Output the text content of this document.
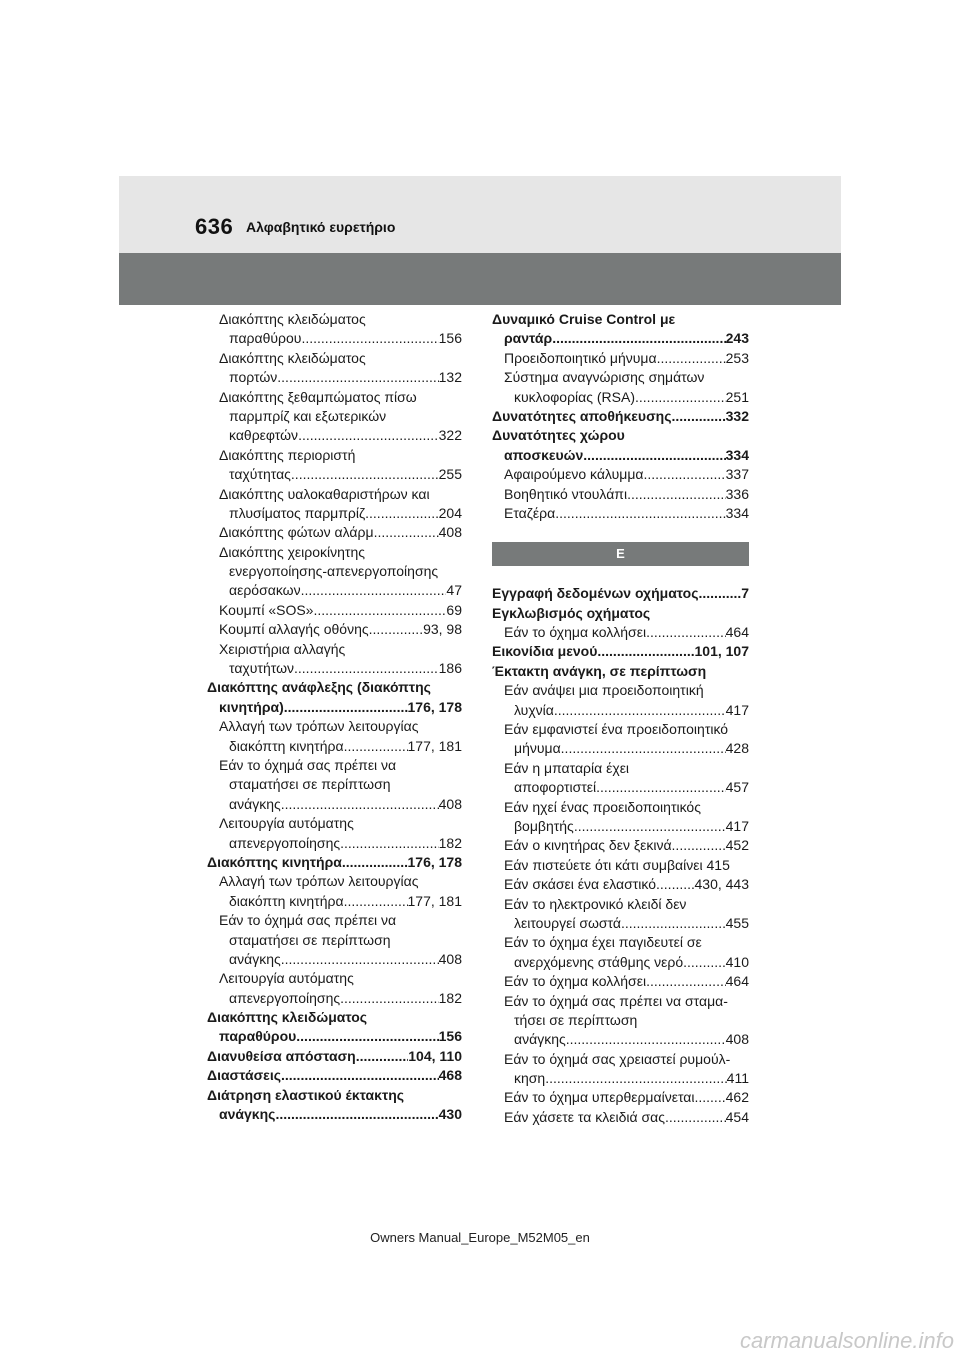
636 Αλφαβητικό ευρετήριο
Διακόπτης κλειδώματος
παραθύρου .....	156
Διακόπτης κλειδώματος
πορτών .....	132
Διακόπτης ξεθαμπώματος πίσω
παρμπρίζ και εξωτερικών
καθρεφτών .....	322
Διακόπτης περιοριστή
ταχύτητας .....	255
Διακόπτης υαλοκαθαριστήρων και
πλυσίματος παρμπρίζ .....	204
Διακόπτης φώτων αλάρμ .....	408
Διακόπτης χειροκίνητης
ενεργοποίησης-απενεργοποίησης
αερόσακων .....	47
Κουμπί «SOS» .....	69
Κουμπί αλλαγής οθόνης .....	93, 98
Χειριστήρια αλλαγής
ταχυτήτων .....	186
Διακόπτης ανάφλεξης (διακόπτης
κινητήρα) .....	176, 178
Αλλαγή των τρόπων λειτουργίας
διακόπτη κινητήρα .....	177, 181
Εάν το όχημά σας πρέπει να
σταματήσει σε περίπτωση
ανάγκης .....	408
Λειτουργία αυτόματης
απενεργοποίησης .....	182
Διακόπτης κινητήρα .....	176, 178
Αλλαγή των τρόπων λειτουργίας
διακόπτη κινητήρα .....	177, 181
Εάν το όχημά σας πρέπει να
σταματήσει σε περίπτωση
ανάγκης .....	408
Λειτουργία αυτόματης
απενεργοποίησης .....	182
Διακόπτης κλειδώματος
παραθύρου .....	156
Διανυθείσα απόσταση .....	104, 110
Διαστάσεις .....	468
Διάτρηση ελαστικού έκτακτης
ανάγκης .....	430
Δυναμικό Cruise Control με
ραντάρ .....	243
Προειδοποιητικό μήνυμα .....	253
Σύστημα αναγνώρισης σημάτων
κυκλοφορίας (RSA) .....	251
Δυνατότητες αποθήκευσης .....	332
Δυνατότητες χώρου
αποσκευών .....	334
Αφαιρούμενο κάλυμμα .....	337
Βοηθητικό ντουλάπι .....	336
Εταζέρα .....	334
Ε
Εγγραφή δεδομένων οχήματος .....	7
Εγκλωβισμός οχήματος
Εάν το όχημα κολλήσει .....	464
Εικονίδια μενού .....	101, 107
Έκτακτη ανάγκη, σε περίπτωση
Εάν ανάψει μια προειδοποιητική
λυχνία .....	417
Εάν εμφανιστεί ένα προειδοποιητικό
μήνυμα .....	428
Εάν η μπαταρία έχει
αποφορτιστεί .....	457
Εάν ηχεί ένας προειδοποιητικός
βομβητής .....	417
Εάν ο κινητήρας δεν ξεκινά .....	452
Εάν πιστεύετε ότι κάτι συμβαίνει 415
Εάν σκάσει ένα ελαστικό .....	430, 443
Εάν το ηλεκτρονικό κλειδί δεν
λειτουργεί σωστά .....	455
Εάν το όχημα έχει παγιδευτεί σε
ανερχόμενης στάθμης νερό .....	410
Εάν το όχημα κολλήσει .....	464
Εάν το όχημά σας πρέπει να σταμα-
τήσει σε περίπτωση
ανάγκης .....	408
Εάν το όχημά σας χρειαστεί ρυμούλ-
κηση .....	411
Εάν το όχημα υπερθερμαίνεται ..... 462
Εάν χάσετε τα κλειδιά σας .....	454
Owners Manual_Europe_M52M05_en
carmanualsonline.info
